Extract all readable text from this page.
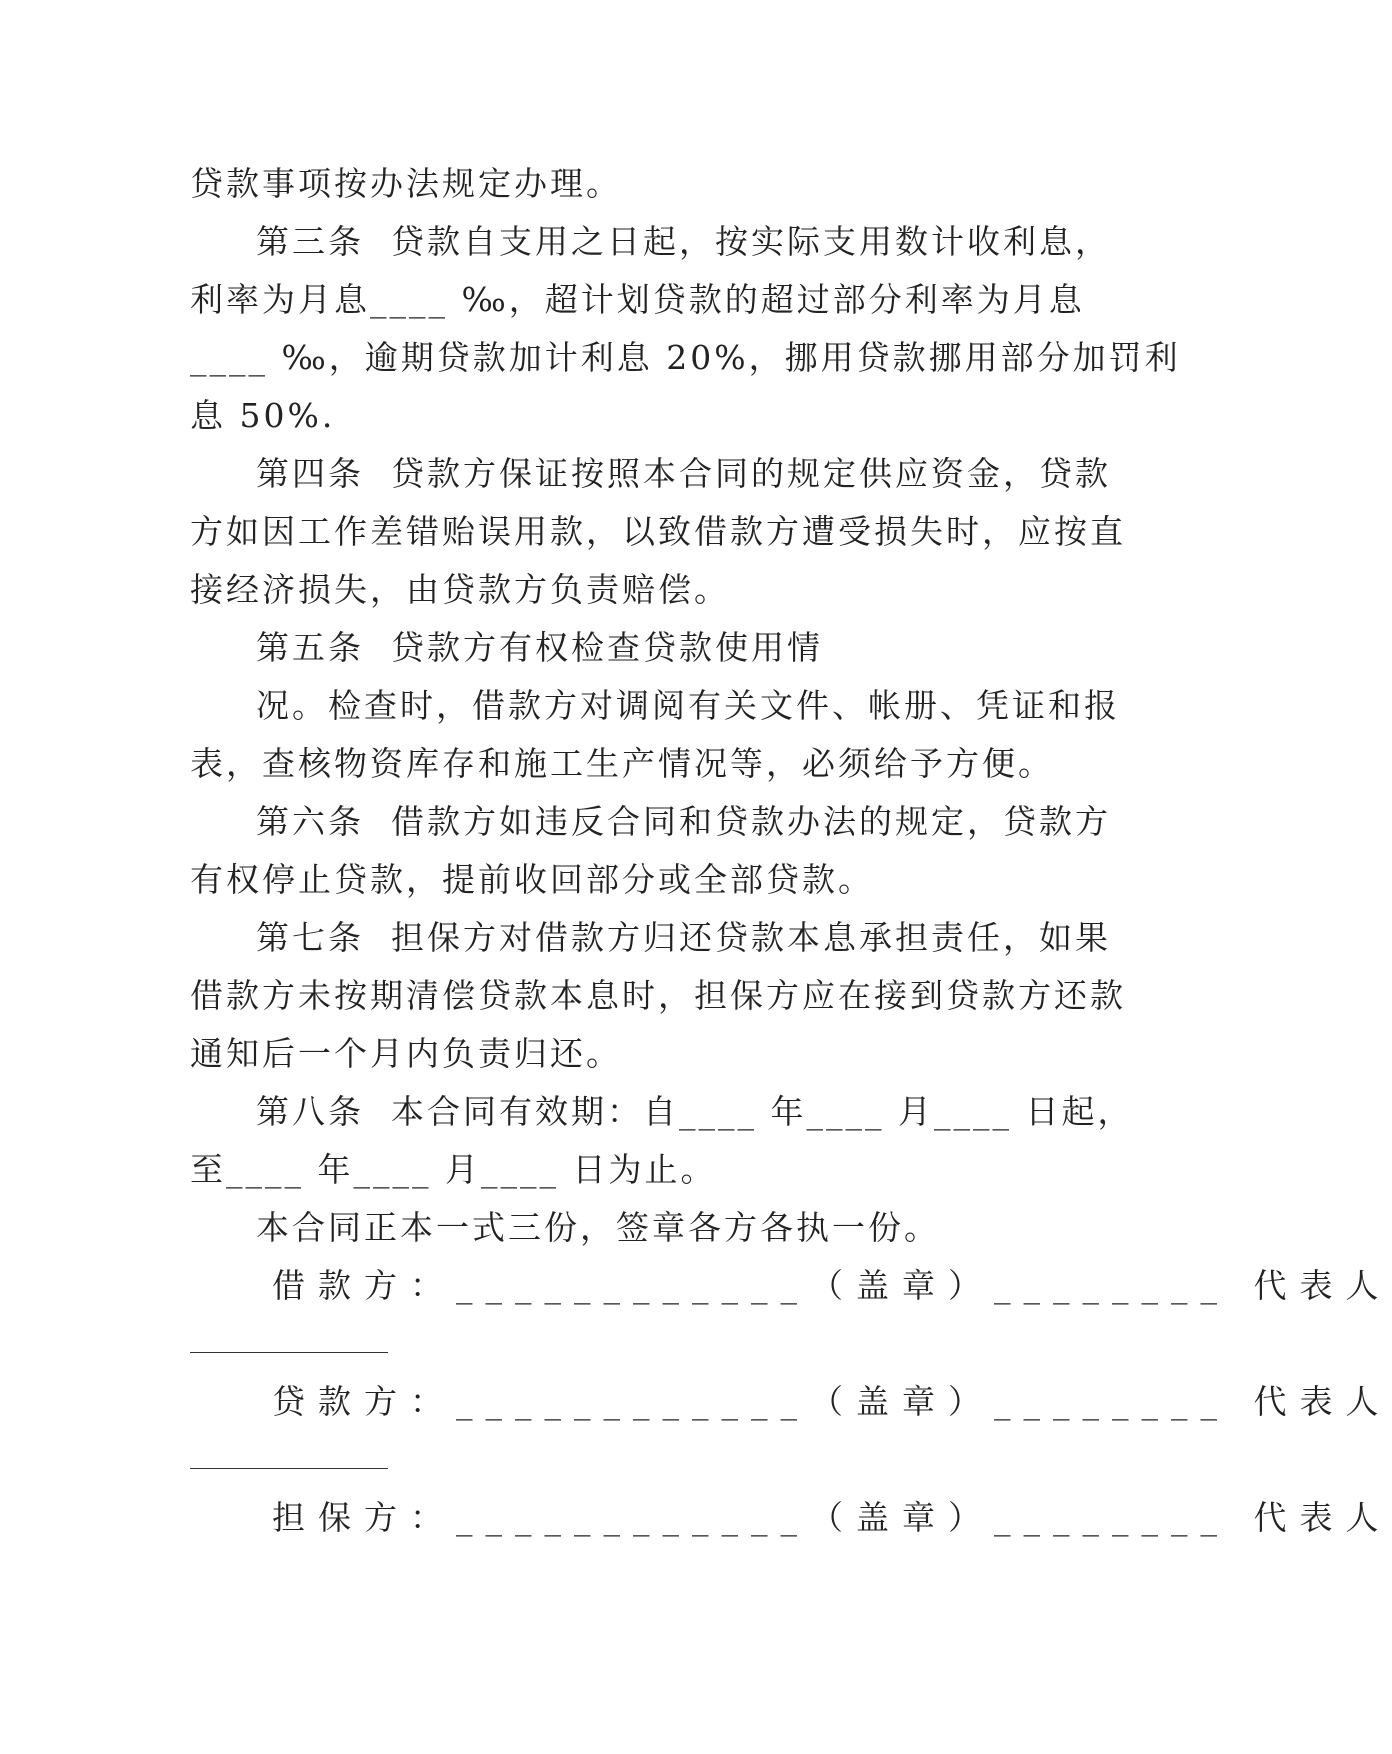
贷款事项按办法规定办理。
第三条  贷款自支用之日起，按实际支用数计收利息，
利率为月息____ ‰，超计划贷款的超过部分利率为月息
____ ‰，逾期贷款加计利息 20%，挪用贷款挪用部分加罚利
息 50%.
第四条  贷款方保证按照本合同的规定供应资金，贷款
方如因工作差错贻误用款，以致借款方遭受损失时，应按直
接经济损失，由贷款方负责赔偿。
第五条  贷款方有权检查贷款使用情
况。检查时，借款方对调阅有关文件、帐册、凭证和报
表，查核物资库存和施工生产情况等，必须给予方便。
第六条  借款方如违反合同和贷款办法的规定，贷款方
有权停止贷款，提前收回部分或全部贷款。
第七条  担保方对借款方归还贷款本息承担责任，如果
借款方未按期清偿贷款本息时，担保方应在接到贷款方还款
通知后一个月内负责归还。
第八条  本合同有效期：自____ 年____ 月____ 日起，
至____ 年____ 月____ 日为止。
本合同正本一式三份，签章各方各执一份。
借款方：____________（盖章）________ 代表人
贷款方：____________（盖章）________ 代表人
担保方：____________（盖章）________ 代表人
